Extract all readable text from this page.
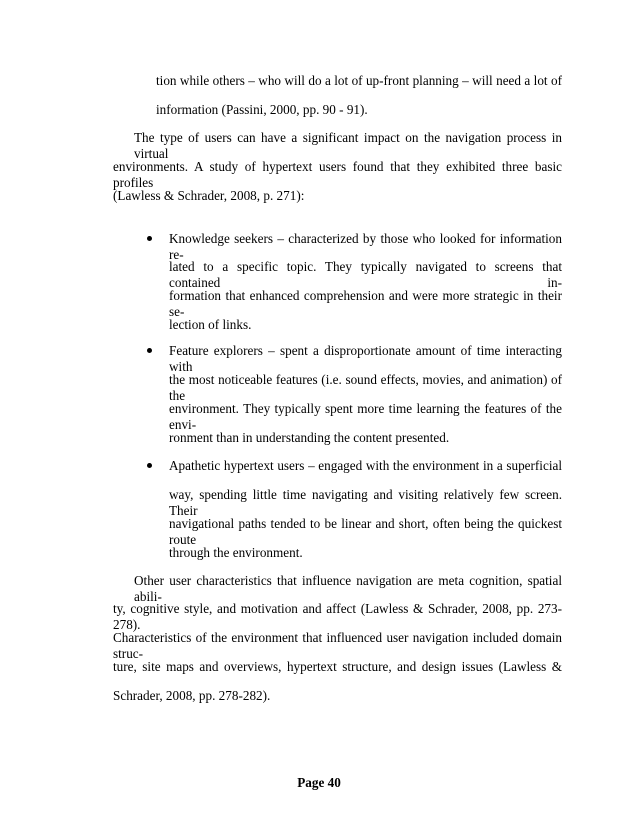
tion while others – who will do a lot of up-front planning – will need a lot of
information (Passini, 2000, pp. 90 - 91).
The type of users can have a significant impact on the navigation process in virtual
environments. A study of hypertext users found that they exhibited three basic profiles
(Lawless & Schrader, 2008, p. 271):
Knowledge seekers – characterized by those who looked for information re-
lated to a specific topic. They typically navigated to screens that contained in-
formation that enhanced comprehension and were more strategic in their se-
lection of links.
Feature explorers – spent a disproportionate amount of time interacting with
the most noticeable features (i.e. sound effects, movies, and animation) of the
environment. They typically spent more time learning the features of the envi-
ronment than in understanding the content presented.
Apathetic hypertext users – engaged with the environment in a superficial
way, spending little time navigating and visiting relatively few screen. Their
navigational paths tended to be linear and short, often being the quickest route
through the environment.
Other user characteristics that influence navigation are meta cognition, spatial abili-
ty, cognitive style, and motivation and affect (Lawless & Schrader, 2008, pp. 273-278).
Characteristics of the environment that influenced user navigation included domain struc-
ture, site maps and overviews, hypertext structure, and design issues (Lawless &
Schrader, 2008, pp. 278-282).
Page 40
